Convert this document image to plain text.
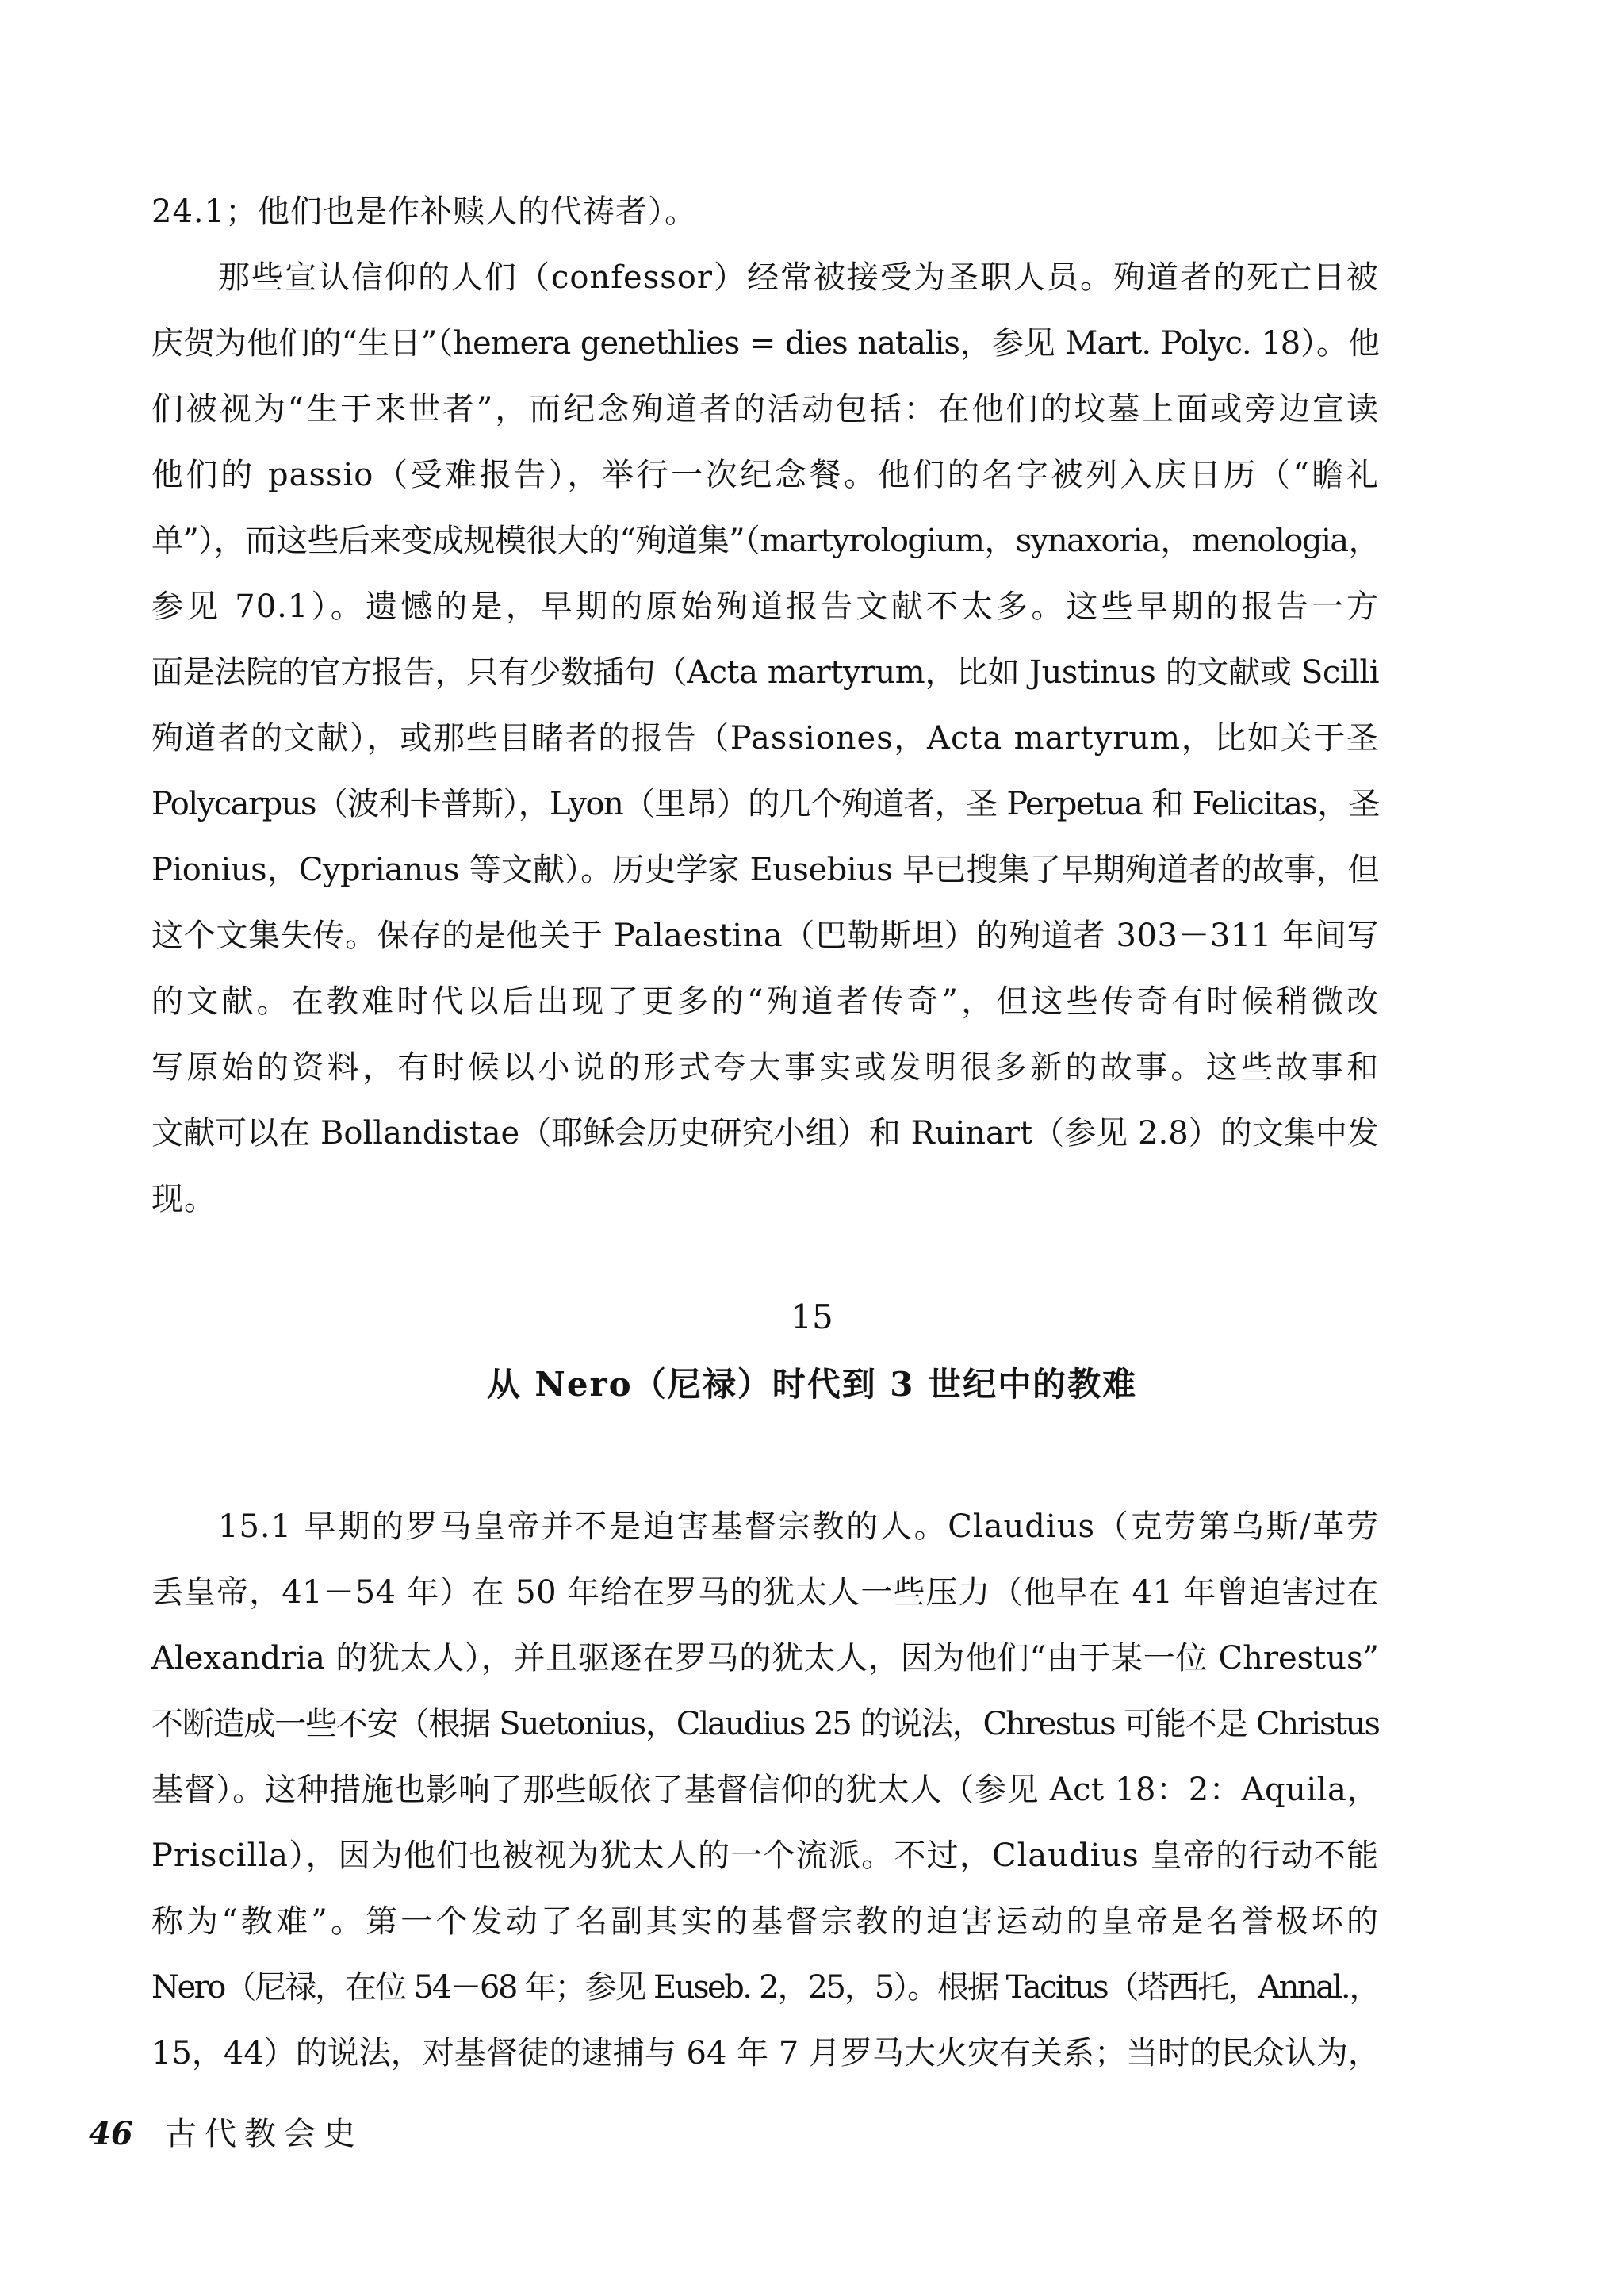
24.1；他们也是作补赎人的代祷者）。
那些宣认信仰的人们（confessor）经常被接受为圣职人员。殉道者的死亡日被
庆贺为他们的“生日”（hemera genethlies = dies natalis，参见 Mart. Polyc. 18）。他
们被视为“生于来世者”，而纪念殉道者的活动包括：在他们的坟墓上面或旁边宣读
他们的 passio（受难报告），举行一次纪念餐。他们的名字被列入庆日历（“瞻礼
单”），而这些后来变成规模很大的“殉道集”（martyrologium，synaxoria，menologia，
参见 70.1）。遗憾的是，早期的原始殉道报告文献不太多。这些早期的报告一方
面是法院的官方报告，只有少数插句（Acta martyrum，比如 Justinus 的文献或 Scilli
殉道者的文献），或那些目睹者的报告（Passiones，Acta martyrum，比如关于圣
Polycarpus（波利卡普斯），Lyon（里昂）的几个殉道者，圣 Perpetua 和 Felicitas，圣
Pionius，Cyprianus 等文献）。历史学家 Eusebius 早已搜集了早期殉道者的故事，但
这个文集失传。保存的是他关于 Palaestina（巴勒斯坦）的殉道者 303－311 年间写
的文献。在教难时代以后出现了更多的“殉道者传奇”，但这些传奇有时候稍微改
写原始的资料，有时候以小说的形式夸大事实或发明很多新的故事。这些故事和
文献可以在 Bollandistae（耶稣会历史研究小组）和 Ruinart（参见 2.8）的文集中发
现。
15
从 Nero（尼禄）时代到 3 世纪中的教难
15.1 早期的罗马皇帝并不是迫害基督宗教的人。Claudius（克劳第乌斯/革劳
丢皇帝，41－54 年）在 50 年给在罗马的犹太人一些压力（他早在 41 年曾迫害过在
Alexandria 的犹太人），并且驱逐在罗马的犹太人，因为他们“由于某一位 Chrestus”
不断造成一些不安（根据 Suetonius，Claudius 25 的说法，Chrestus 可能不是 Christus
基督）。这种措施也影响了那些皈依了基督信仰的犹太人（参见 Act 18：2：Aquila，
Priscilla），因为他们也被视为犹太人的一个流派。不过，Claudius 皇帝的行动不能
称为“教难”。第一个发动了名副其实的基督宗教的迫害运动的皇帝是名誉极坏的
Nero（尼禄，在位 54－68 年；参见 Euseb. 2，25，5）。根据 Tacitus（塔西托，Annal.，
15，44）的说法，对基督徒的逮捕与 64 年 7 月罗马大火灾有关系；当时的民众认为，
46 古代教会史
